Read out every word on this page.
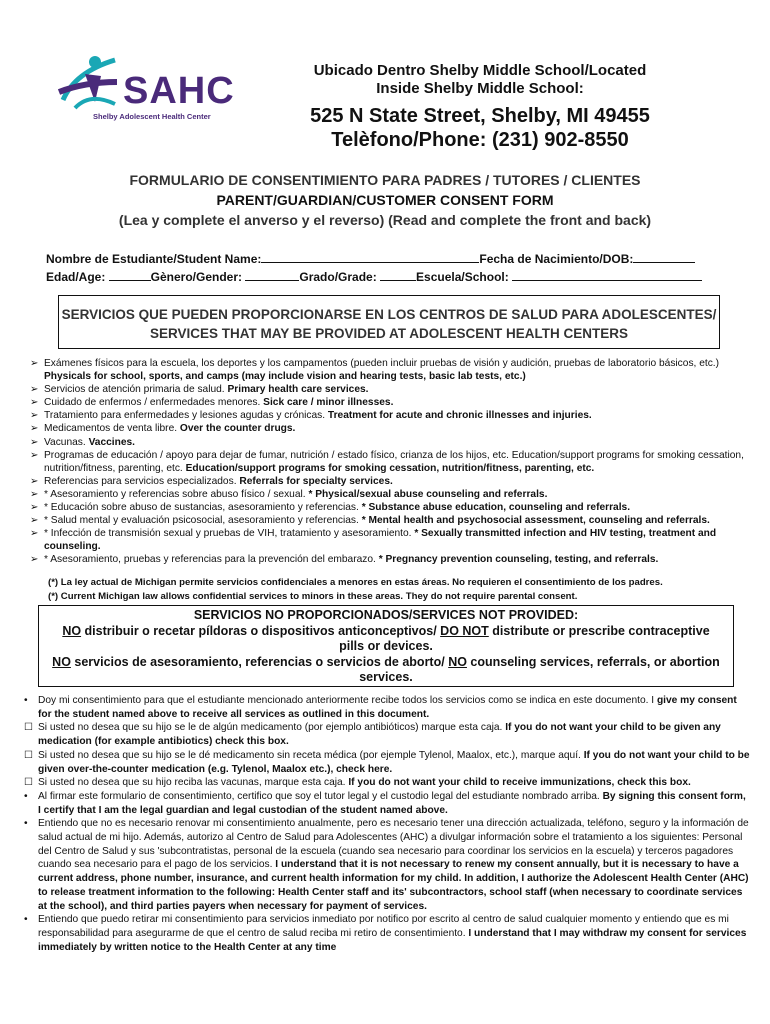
SAHC
Shelby Adolescent Health Center
Ubicado Dentro Shelby Middle School/Located
Inside Shelby Middle School:
525 N State Street, Shelby, MI 49455
Telèfono/Phone: (231) 902-8550
FORMULARIO DE CONSENTIMIENTO PARA PADRES / TUTORES / CLIENTES
PARENT/GUARDIAN/CUSTOMER CONSENT FORM
(Lea y complete el anverso y el reverso) (Read and complete the front and back)
Nombre de Estudiante/Student Name:	Fecha de Nacimiento/DOB:
Edad/Age:	Gènero/Gender:	Grado/Grade:	Escuela/School:
SERVICIOS QUE PUEDEN PROPORCIONARSE EN LOS CENTROS DE SALUD PARA ADOLESCENTES/
SERVICES THAT MAY BE PROVIDED AT ADOLESCENT HEALTH CENTERS
➢ Exámenes físicos para la escuela, los deportes y los campamentos (pueden incluir pruebas de visión y audición, pruebas de laboratorio básicos, etc.) Physicals for school, sports, and camps (may include vision and hearing tests, basic lab tests, etc.)
➢ Servicios de atención primaria de salud. Primary health care services.
➢ Cuidado de enfermos / enfermedades menores. Sick care / minor illnesses.
➢ Tratamiento para enfermedades y lesiones agudas y crónicas. Treatment for acute and chronic illnesses and injuries.
➢ Medicamentos de venta libre. Over the counter drugs.
➢ Vacunas. Vaccines.
➢ Programas de educación / apoyo para dejar de fumar, nutrición / estado físico, crianza de los hijos, etc. Education/support programs for smoking cessation, nutrition/fitness, parenting, etc. Education/support programs for smoking cessation, nutrition/fitness, parenting, etc.
➢ Referencias para servicios especializados. Referrals for specialty services.
➢ * Asesoramiento y referencias sobre abuso físico / sexual. * Physical/sexual abuse counseling and referrals.
➢ * Educación sobre abuso de sustancias, asesoramiento y referencias. * Substance abuse education, counseling and referrals.
➢ * Salud mental y evaluación psicosocial, asesoramiento y referencias. * Mental health and psychosocial assessment, counseling and referrals.
➢ * Infección de transmisión sexual y pruebas de VIH, tratamiento y asesoramiento. * Sexually transmitted infection and HIV testing, treatment and counseling.
➢ * Asesoramiento, pruebas y referencias para la prevención del embarazo. * Pregnancy prevention counseling, testing, and referrals.
(*) La ley actual de Michigan permite servicios confidenciales a menores en estas áreas. No requieren el consentimiento de los padres.
(*) Current Michigan law allows confidential services to minors in these areas. They do not require parental consent.
SERVICIOS NO PROPORCIONADOS/SERVICES NOT PROVIDED:
NO distribuir o recetar píldoras o dispositivos anticonceptivos/ DO NOT distribute or prescribe contraceptive
pills or devices.
NO servicios de asesoramiento, referencias o servicios de aborto/ NO counseling services, referrals, or abortion
services.
• Doy mi consentimiento para que el estudiante mencionado anteriormente recibe todos los servicios como se indica en este documento. I give my consent for the student named above to receive all services as outlined in this document.
☐ Si usted no desea que su hijo se le de algún medicamento (por ejemplo antibióticos) marque esta caja. If you do not want your child to be given any medication (for example antibiotics) check this box.
☐ Si usted no desea que su hijo se le dé medicamento sin receta médica (por ejemple Tylenol, Maalox, etc.), marque aquí. If you do not want your child to be given over-the-counter medication (e.g. Tylenol, Maalox etc.), check here.
☐ Si usted no desea que su hijo reciba las vacunas, marque esta caja. If you do not want your child to receive immunizations, check this box.
• Al firmar este formulario de consentimiento, certifico que soy el tutor legal y el custodio legal del estudiante nombrado arriba. By signing this consent form, I certify that I am the legal guardian and legal custodian of the student named above.
• Entiendo que no es necesario renovar mi consentimiento anualmente, pero es necesario tener una dirección actualizada, teléfono, seguro y la información de salud actual de mi hijo. Además, autorizo al Centro de Salud para Adolescentes (AHC) a divulgar información sobre el tratamiento a los siguientes: Personal del Centro de Salud y sus 'subcontratistas, personal de la escuela (cuando sea necesario para coordinar los servicios en la escuela) y terceros pagadores cuando sea necesario para el pago de los servicios. I understand that it is not necessary to renew my consent annually, but it is necessary to have a current address, phone number, insurance, and current health information for my child. In addition, I authorize the Adolescent Health Center (AHC) to release treatment information to the following: Health Center staff and its' subcontractors, school staff (when necessary to coordinate services at the school), and third parties payers when necessary for payment of services.
• Entiendo que puedo retirar mi consentimiento para servicios inmediato por notifico por escrito al centro de salud cualquier momento y entiendo que es mi responsabilidad para asegurarme de que el centro de salud reciba mi retiro de consentimiento. I understand that I may withdraw my consent for services immediately by written notice to the Health Center at any time
